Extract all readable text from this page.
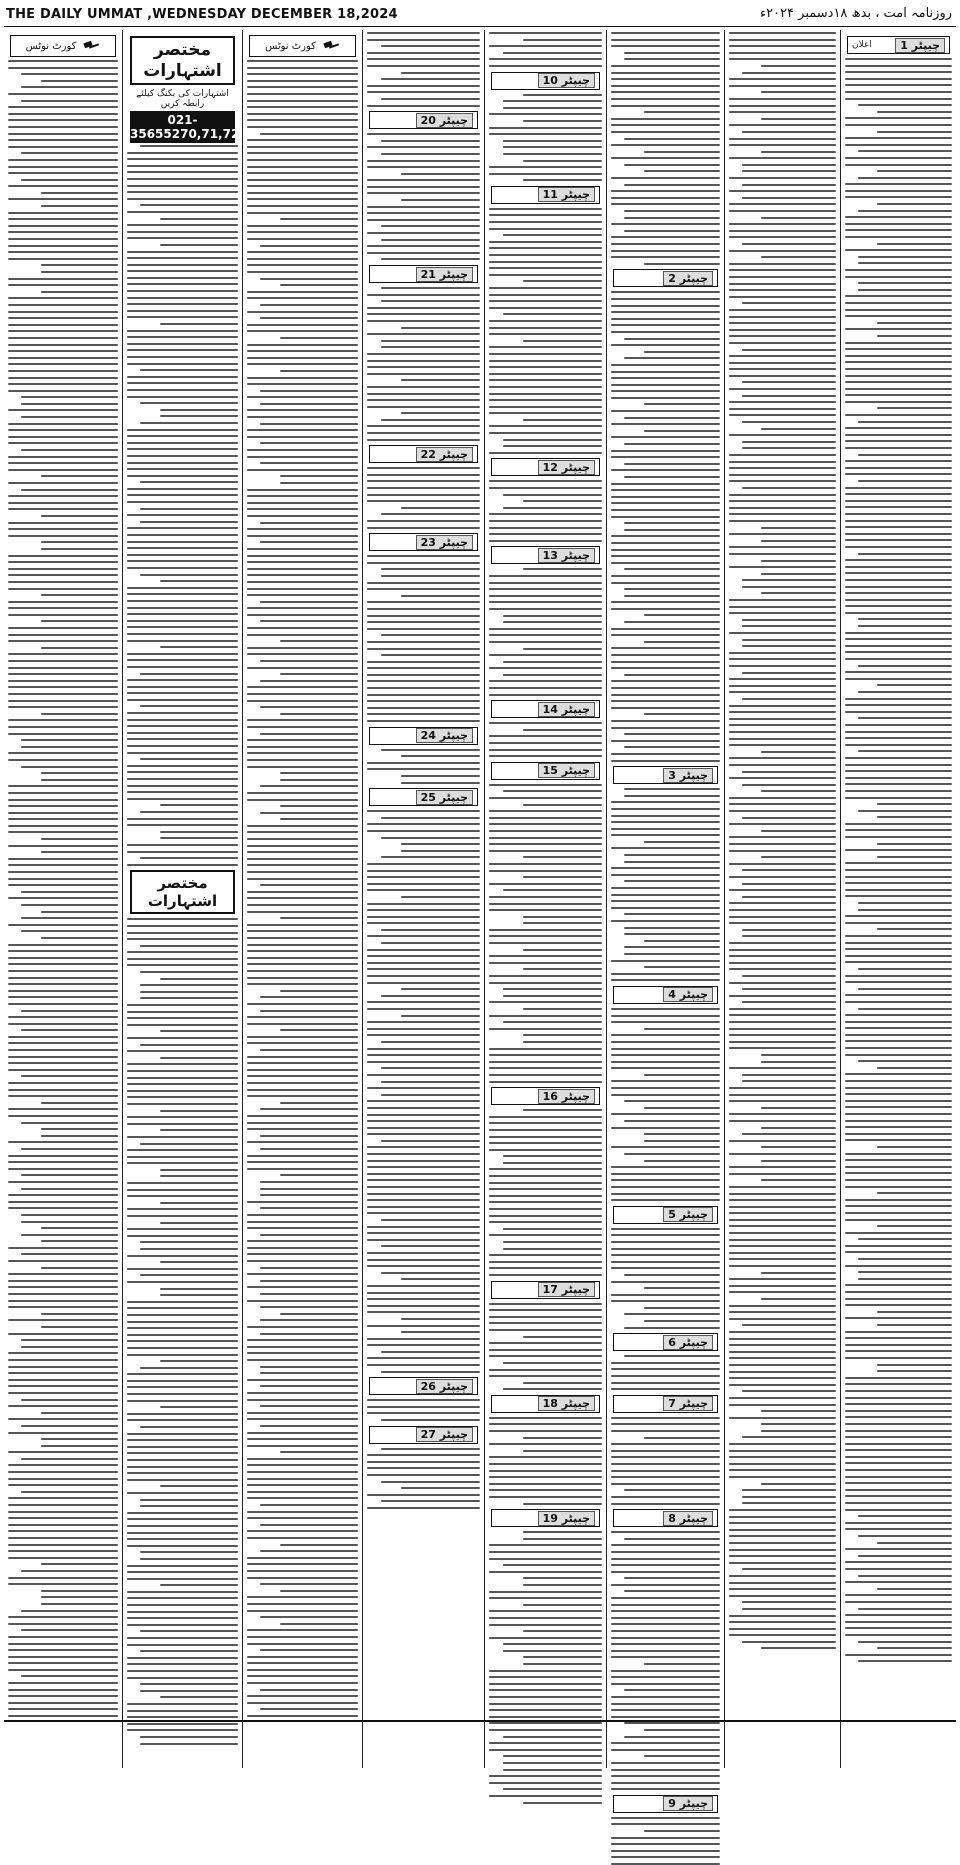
THE DAILY UMMAT ,WEDNESDAY DECEMBER 18,2024	روزنامہ امت ، بدھ ۱۸دسمبر ۲۰۲۴ء
کورٹ نوٹس	مختصر اشتہارات
اشتہارات کی بکنگ کیلئے رابطہ کریں
021-35655270,71,72
مختصر اشتہارات
کورٹ نوٹس
چیپٹر 20
چیپٹر 21
چیپٹر 22
چیپٹر 23
چیپٹر 24
چیپٹر 25
چیپٹر 26
چیپٹر 27
چیپٹر 10
چیپٹر 11
چیپٹر 12
چیپٹر 13
چیپٹر 14
چیپٹر 15
چیپٹر 16
چیپٹر 17
چیپٹر 18
چیپٹر 19
چیپٹر 2
چیپٹر 3
چیپٹر 4
چیپٹر 5
چیپٹر 6
چیپٹر 7
چیپٹر 8
چیپٹر 9
اعلان	چیپٹر 1
